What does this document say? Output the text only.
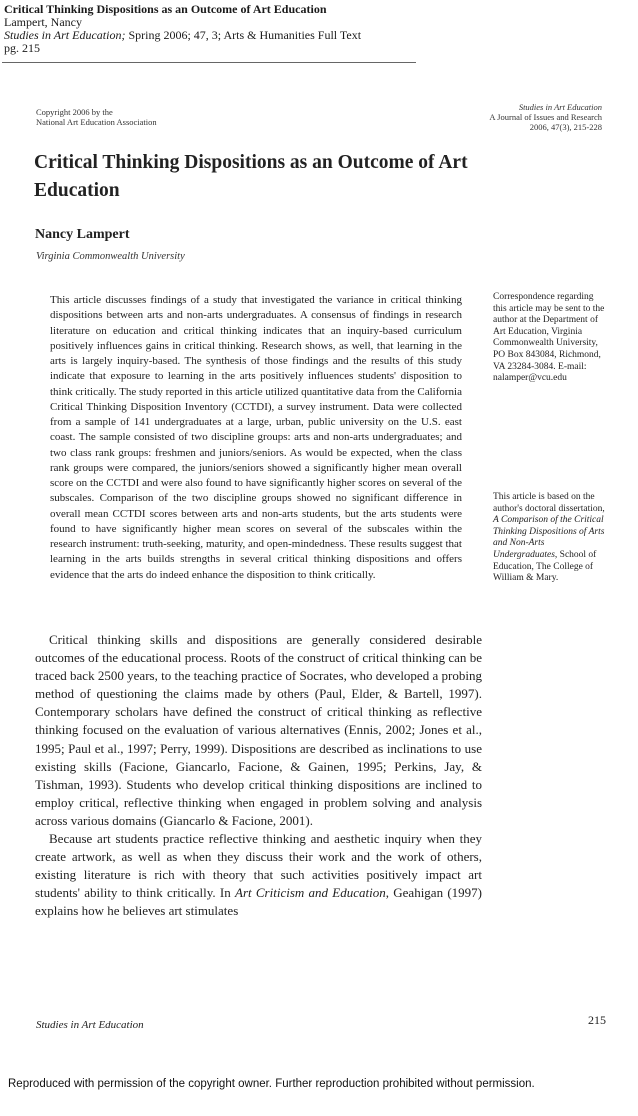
Critical Thinking Dispositions as an Outcome of Art Education
Lampert, Nancy
Studies in Art Education; Spring 2006; 47, 3; Arts & Humanities Full Text
pg. 215
Copyright 2006 by the
National Art Education Association
Studies in Art Education
A Journal of Issues and Research
2006, 47(3), 215-228
Critical Thinking Dispositions as an Outcome of Art Education
Nancy Lampert
Virginia Commonwealth University
This article discusses findings of a study that investigated the variance in critical thinking dispositions between arts and non-arts undergraduates. A consensus of findings in research literature on education and critical thinking indicates that an inquiry-based curriculum positively influences gains in critical thinking. Research shows, as well, that learning in the arts is largely inquiry-based. The synthesis of those findings and the results of this study indicate that exposure to learning in the arts positively influences students' disposition to think critically. The study reported in this article utilized quantitative data from the California Critical Thinking Disposition Inventory (CCTDI), a survey instrument. Data were collected from a sample of 141 undergraduates at a large, urban, public university on the U.S. east coast. The sample consisted of two discipline groups: arts and non-arts undergraduates; and two class rank groups: freshmen and juniors/seniors. As would be expected, when the class rank groups were compared, the juniors/seniors showed a significantly higher mean overall score on the CCTDI and were also found to have significantly higher scores on several of the subscales. Comparison of the two discipline groups showed no significant difference in overall mean CCTDI scores between arts and non-arts students, but the arts students were found to have significantly higher mean scores on several of the subscales within the research instrument: truth-seeking, maturity, and open-mindedness. These results suggest that learning in the arts builds strengths in several critical thinking dispositions and offers evidence that the arts do indeed enhance the disposition to think critically.
Correspondence regarding this article may be sent to the author at the Department of Art Education, Virginia Commonwealth University, PO Box 843084, Richmond, VA 23284-3084. E-mail: nalamper@vcu.edu
This article is based on the author's doctoral dissertation, A Comparison of the Critical Thinking Dispositions of Arts and Non-Arts Undergraduates, School of Education, The College of William & Mary.

Critical thinking skills and dispositions are generally considered desirable outcomes of the educational process. Roots of the construct of critical thinking can be traced back 2500 years, to the teaching practice of Socrates, who developed a probing method of questioning the claims made by others (Paul, Elder, & Bartell, 1997). Contemporary scholars have defined the construct of critical thinking as reflective thinking focused on the evaluation of various alternatives (Ennis, 2002; Jones et al., 1995; Paul et al., 1997; Perry, 1999). Dispositions are described as inclinations to use existing skills (Facione, Giancarlo, Facione, & Gainen, 1995; Perkins, Jay, & Tishman, 1993). Students who develop critical thinking dispositions are inclined to employ critical, reflective thinking when engaged in problem solving and analysis across various domains (Giancarlo & Facione, 2001).

Because art students practice reflective thinking and aesthetic inquiry when they create artwork, as well as when they discuss their work and the work of others, existing literature is rich with theory that such activities positively impact art students' ability to think critically. In Art Criticism and Education, Geahigan (1997) explains how he believes art stimulates

Studies in Art Education	215
Reproduced with permission of the copyright owner. Further reproduction prohibited without permission.
